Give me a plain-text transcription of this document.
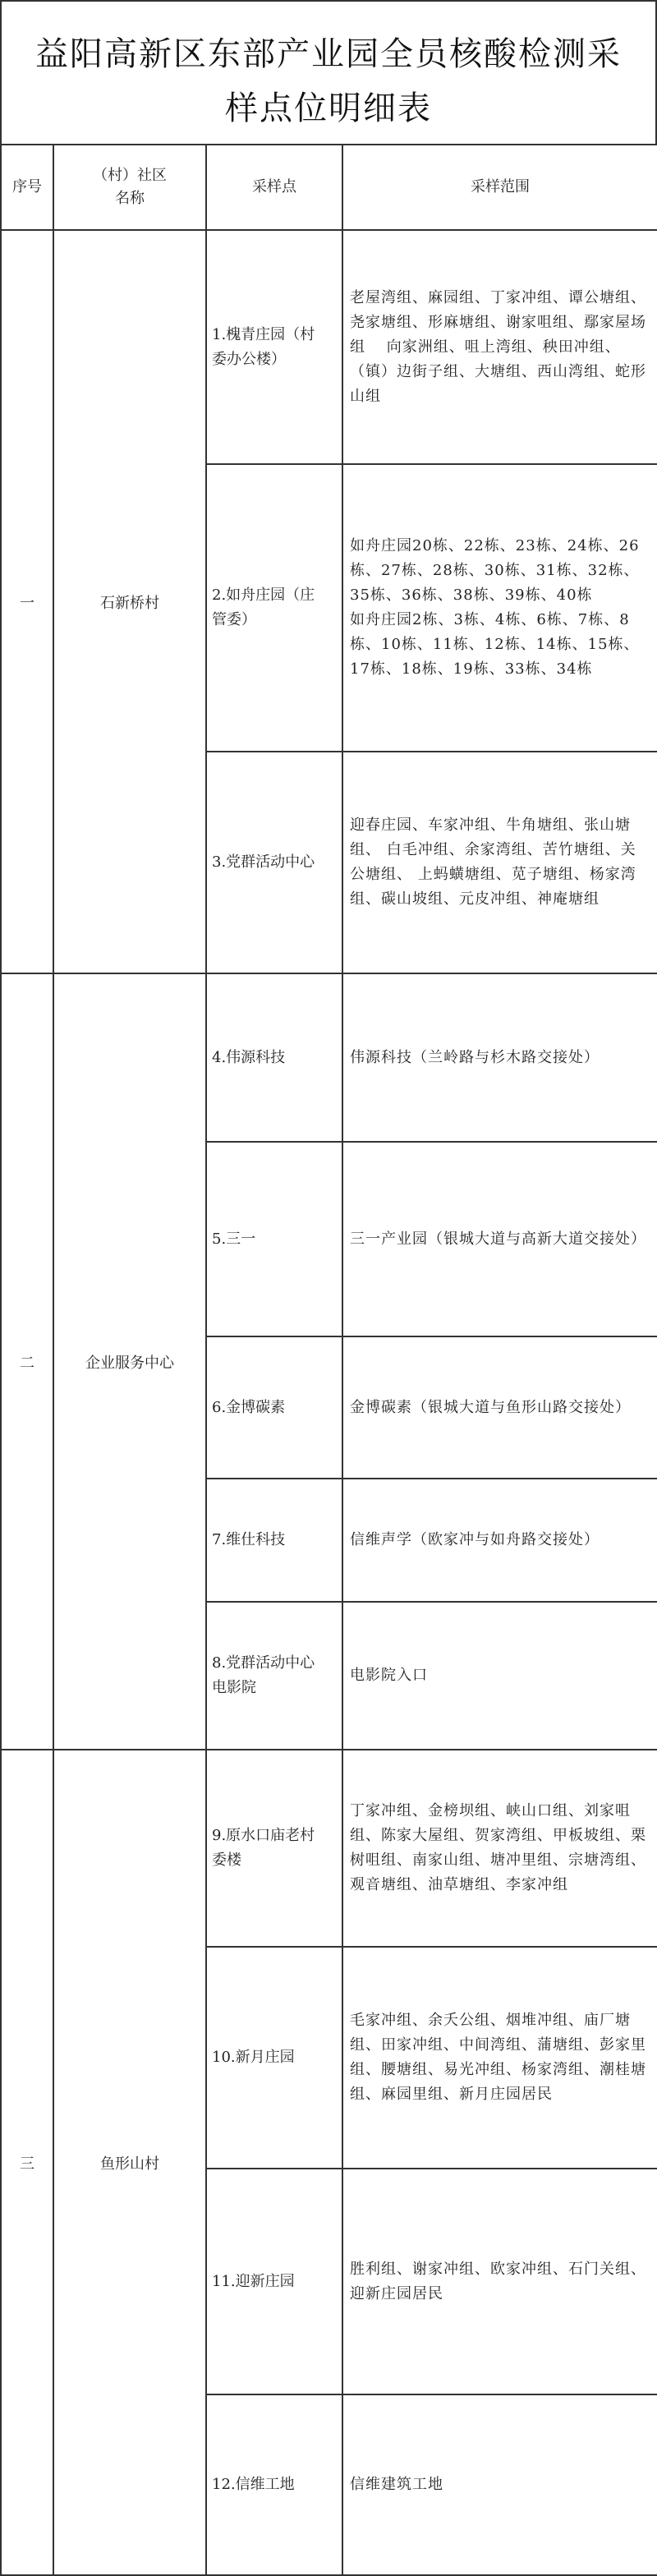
益阳高新区东部产业园全员核酸检测采样点位明细表
序号	（村）社区名称	采样点	采样范围
一	石新桥村	1.槐青庄园（村委办公楼）	老屋湾组、麻园组、丁家冲组、谭公塘组、尧家塘组、形麻塘组、谢家咀组、鄢家屋场组　 向家洲组、咀上湾组、秧田冲组、（镇）边街子组、大塘组、西山湾组、蛇形山组
		2.如舟庄园（庄管委）	如舟庄园20栋、22栋、23栋、24栋、26栋、27栋、28栋、30栋、31栋、32栋、35栋、36栋、38栋、39栋、40栋
如舟庄园2栋、3栋、4栋、6栋、7栋、8栋、10栋、11栋、12栋、14栋、15栋、17栋、18栋、19栋、33栋、34栋
		3.党群活动中心	迎春庄园、车家冲组、牛角塘组、张山塘组、 白毛冲组、余家湾组、苦竹塘组、关公塘组、 上蚂蟥塘组、苋子塘组、杨家湾组、碳山坡组、元皮冲组、神庵塘组
二	企业服务中心	4.伟源科技	伟源科技（兰岭路与杉木路交接处）
		5.三一	三一产业园（银城大道与高新大道交接处）
		6.金博碳素	金博碳素（银城大道与鱼形山路交接处）
		7.维仕科技	信维声学（欧家冲与如舟路交接处）
		8.党群活动中心电影院	电影院入口
三	鱼形山村	9.原水口庙老村委楼	丁家冲组、金榜坝组、峡山口组、刘家咀组、陈家大屋组、贺家湾组、甲板坡组、栗树咀组、南家山组、塘冲里组、宗塘湾组、观音塘组、油草塘组、李家冲组
		10.新月庄园	毛家冲组、余夭公组、烟堆冲组、庙厂塘组、田家冲组、中间湾组、蒲塘组、彭家里组、腰塘组、易光冲组、杨家湾组、潮桂塘组、麻园里组、新月庄园居民
		11.迎新庄园	胜利组、谢家冲组、欧家冲组、石门关组、迎新庄园居民
		12.信维工地	信维建筑工地
